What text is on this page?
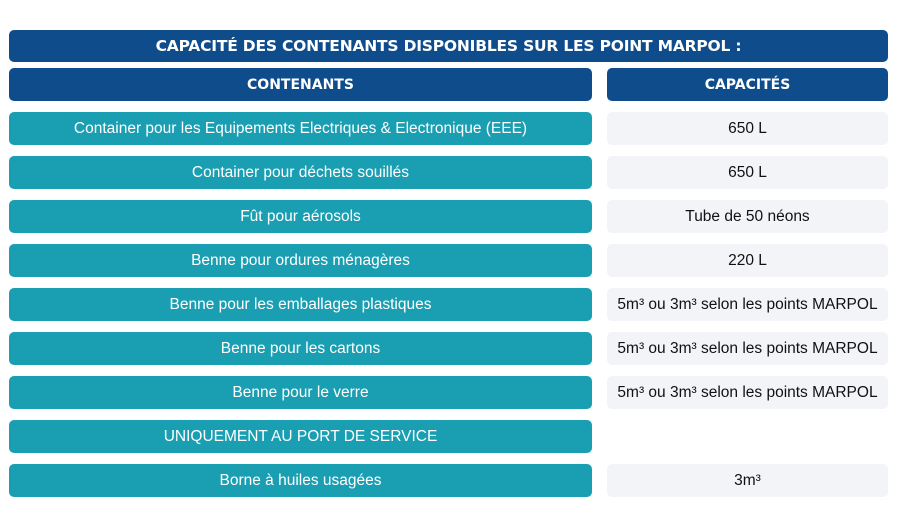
CAPACITÉ DES CONTENANTS DISPONIBLES SUR LES POINT MARPOL :
CONTENANTS	CAPACITÉS
Container pour les Equipements Electriques & Electronique (EEE)	650 L
Container pour déchets souillés	650 L
Fût pour aérosols	Tube de 50 néons
Benne pour ordures ménagères	220 L
Benne pour les emballages plastiques	5m³ ou 3m³ selon les points MARPOL
Benne pour les cartons	5m³ ou 3m³ selon les points MARPOL
Benne pour le verre	5m³ ou 3m³ selon les points MARPOL
UNIQUEMENT AU PORT DE SERVICE
Borne à huiles usagées	3m³
